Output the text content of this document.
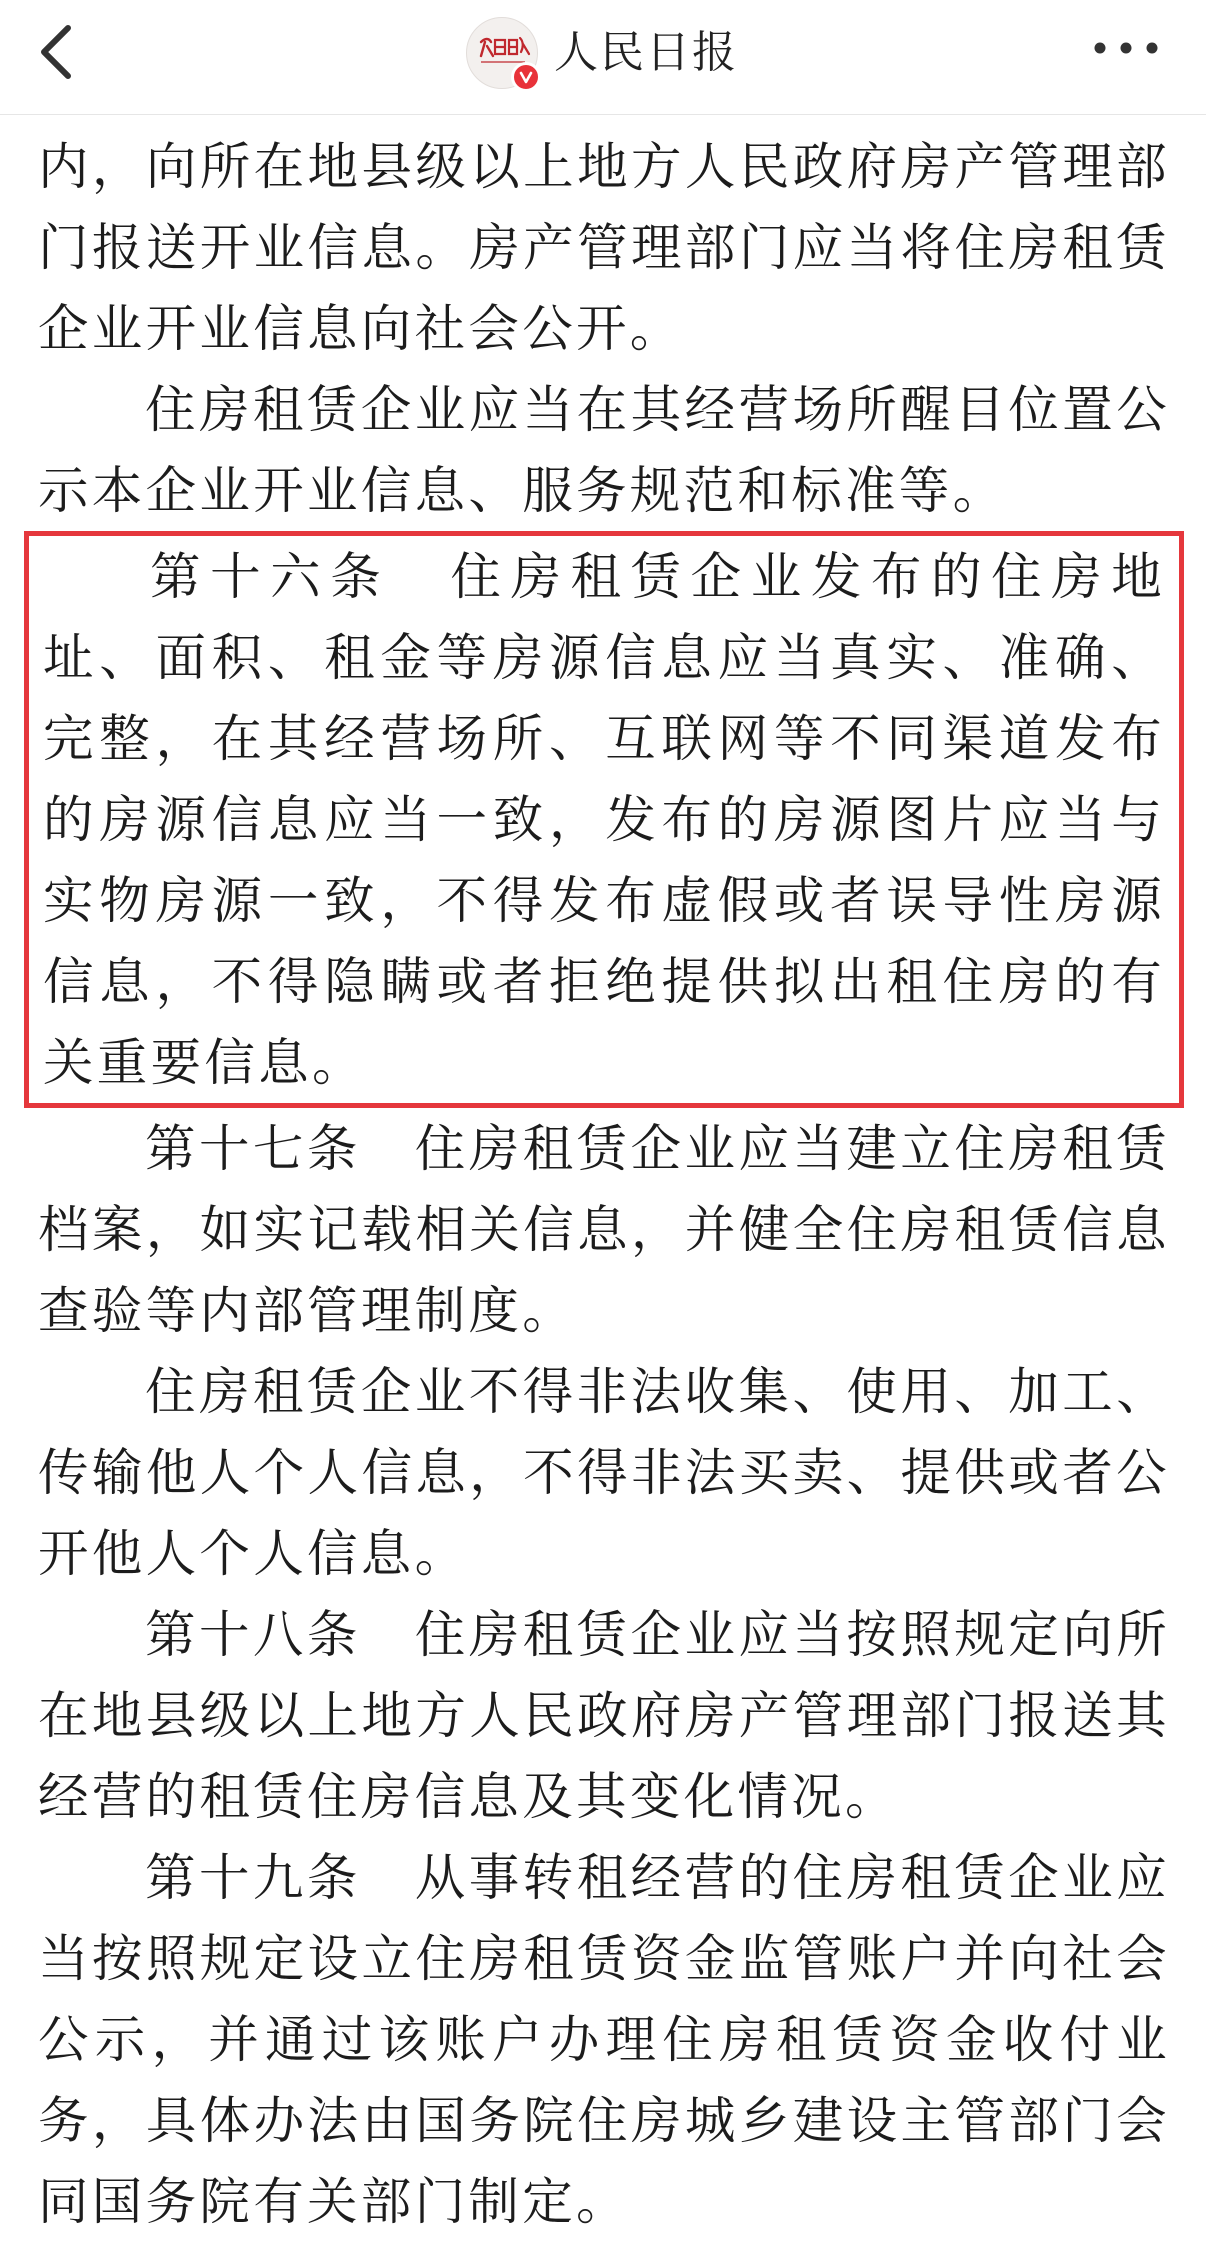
人民日报

内，向所在地县级以上地方人民政府房产管理部门报送开业信息。房产管理部门应当将住房租赁企业开业信息向社会公开。

住房租赁企业应当在其经营场所醒目位置公示本企业开业信息、服务规范和标准等。

第十六条　住房租赁企业发布的住房地址、面积、租金等房源信息应当真实、准确、完整，在其经营场所、互联网等不同渠道发布的房源信息应当一致，发布的房源图片应当与实物房源一致，不得发布虚假或者误导性房源信息，不得隐瞒或者拒绝提供拟出租住房的有关重要信息。

第十七条　住房租赁企业应当建立住房租赁档案，如实记载相关信息，并健全住房租赁信息查验等内部管理制度。

住房租赁企业不得非法收集、使用、加工、传输他人个人信息，不得非法买卖、提供或者公开他人个人信息。

第十八条　住房租赁企业应当按照规定向所在地县级以上地方人民政府房产管理部门报送其经营的租赁住房信息及其变化情况。

第十九条　从事转租经营的住房租赁企业应当按照规定设立住房租赁资金监管账户并向社会公示，并通过该账户办理住房租赁资金收付业务，具体办法由国务院住房城乡建设主管部门会同国务院有关部门制定。
